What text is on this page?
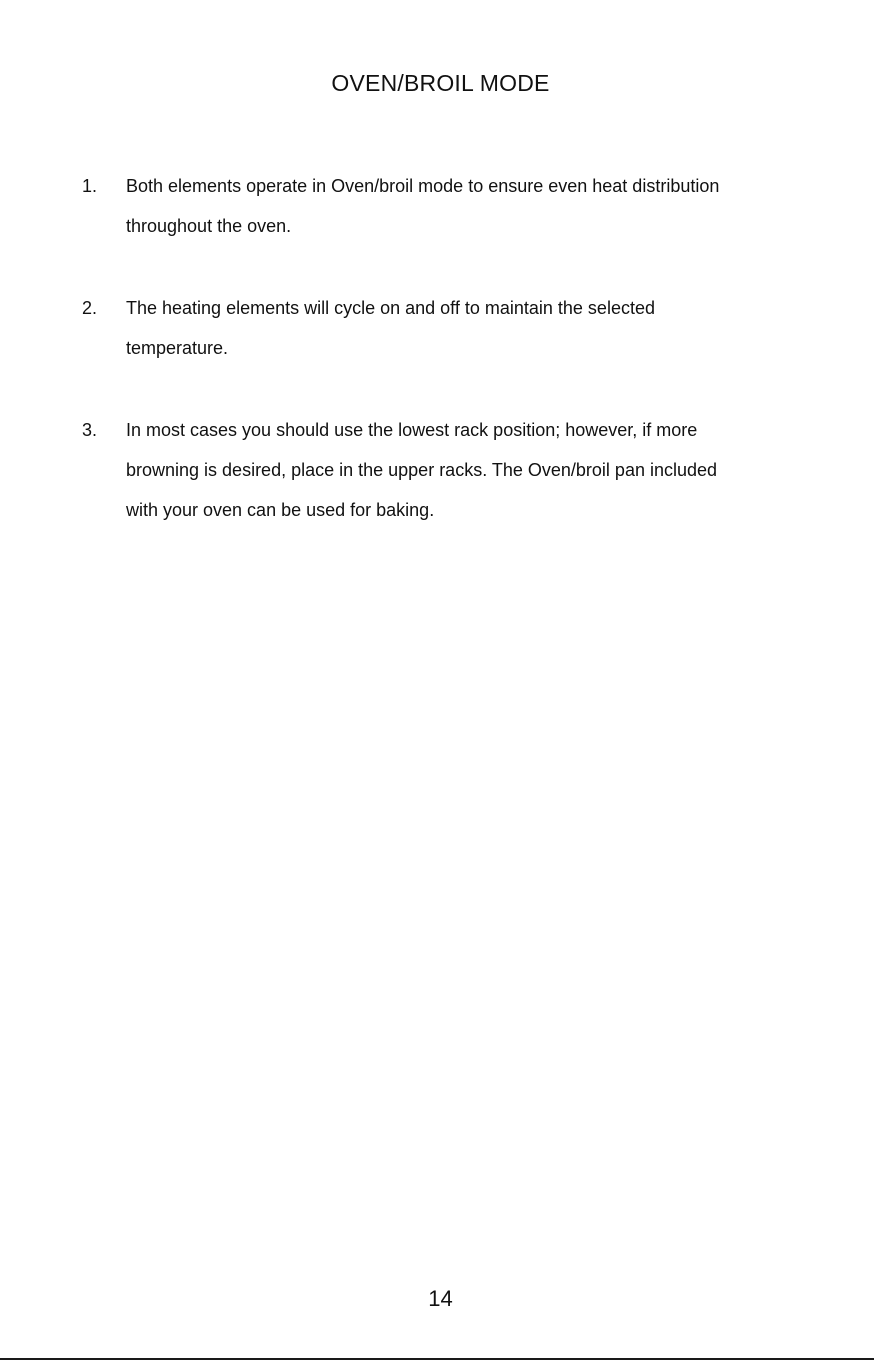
OVEN/BROIL MODE
1.	Both elements operate in Oven/broil mode to ensure even heat distribution
throughout the oven.
2.	The heating elements will cycle on and off to maintain the selected
temperature.
3.	In most cases you should use the lowest rack position; however, if more
browning is desired, place in the upper racks. The Oven/broil pan included
with your oven can be used for baking.
14
